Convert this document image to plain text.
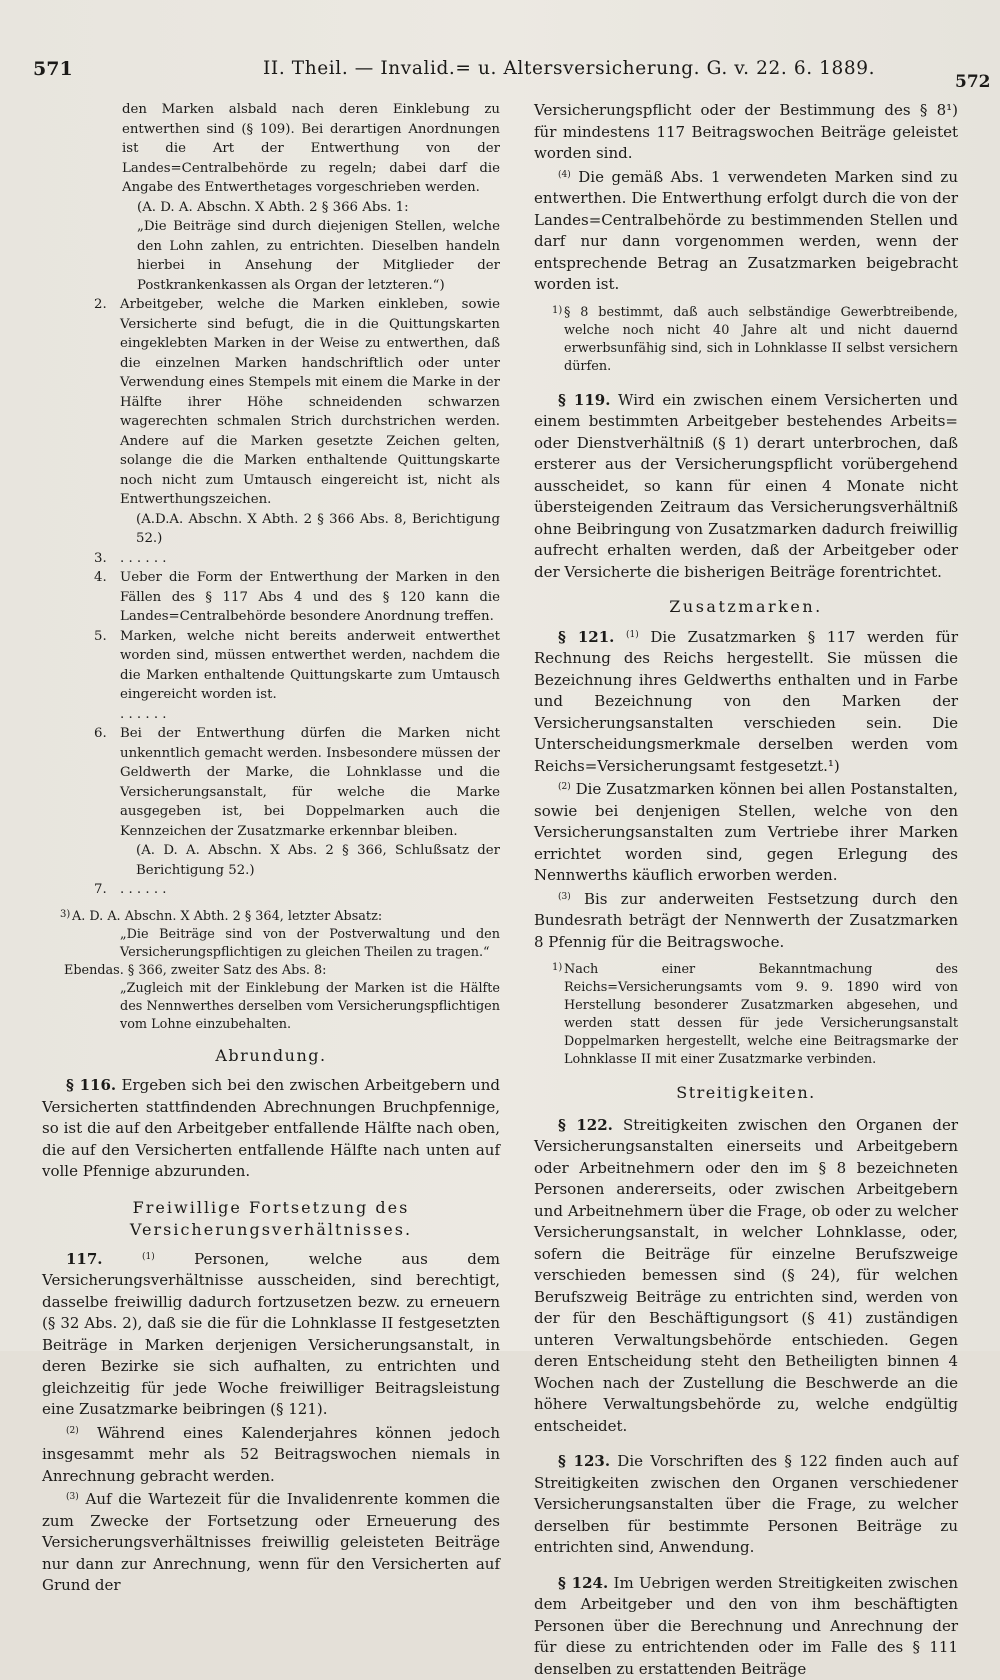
571	II. Theil. — Invalid.= u. Altersversicherung. G. v. 22. 6. 1889.
572

den Marken alsbald nach deren Einklebung zu entwerthen sind (§ 109). Bei derartigen Anordnungen ist die Art der Entwerthung von der Landes=Centralbehörde zu regeln; dabei darf die Angabe des Entwerthetages vorgeschrieben werden.

(A. D. A. Abschn. X Abth. 2 § 366 Abs. 1:

„Die Beiträge sind durch diejenigen Stellen, welche den Lohn zahlen, zu entrichten. Dieselben handeln hierbei in Ansehung der Mitglieder der Postkrankenkassen als Organ der letzteren.“)

2. Arbeitgeber, welche die Marken einkleben, sowie Versicherte sind befugt, die in die Quittungskarten eingeklebten Marken in der Weise zu entwerthen, daß die einzelnen Marken handschriftlich oder unter Verwendung eines Stempels mit einem die Marke in der Hälfte ihrer Höhe schneidenden schwarzen wagerechten schmalen Strich durchstrichen werden. Andere auf die Marken gesetzte Zeichen gelten, solange die die Marken enthaltende Quittungskarte noch nicht zum Umtausch eingereicht ist, nicht als Entwerthungszeichen.

(A.D.A. Abschn. X Abth. 2 § 366 Abs. 8, Berichtigung 52.)

3. . . . . . .

4. Ueber die Form der Entwerthung der Marken in den Fällen des § 117 Abs 4 und des § 120 kann die Landes=Centralbehörde besondere Anordnung treffen.

5. Marken, welche nicht bereits anderweit entwerthet worden sind, müssen entwerthet werden, nachdem die die Marken enthaltende Quittungskarte zum Umtausch eingereicht worden ist.

. . . . . .

6. Bei der Entwerthung dürfen die Marken nicht unkenntlich gemacht werden. Insbesondere müssen der Geldwerth der Marke, die Lohnklasse und die Versicherungsanstalt, für welche die Marke ausgegeben ist, bei Doppelmarken auch die Kennzeichen der Zusatzmarke erkennbar bleiben.

(A. D. A. Abschn. X Abs. 2 § 366, Schlußsatz der Berichtigung 52.)

7. . . . . . .

3) A. D. A. Abschn. X Abth. 2 § 364, letzter Absatz:

„Die Beiträge sind von der Postverwaltung und den Versicherungspflichtigen zu gleichen Theilen zu tragen.“

Ebendas. § 366, zweiter Satz des Abs. 8:

„Zugleich mit der Einklebung der Marken ist die Hälfte des Nennwerthes derselben vom Versicherungspflichtigen vom Lohne einzubehalten.

Abrundung.

§ 116. Ergeben sich bei den zwischen Arbeitgebern und Versicherten stattfindenden Abrechnungen Bruchpfennige, so ist die auf den Arbeitgeber entfallende Hälfte nach oben, die auf den Versicherten entfallende Hälfte nach unten auf volle Pfennige abzurunden.

Freiwillige Fortsetzung des Versicherungsverhältnisses.

117.	$^{(1)}$	Personen, welche aus dem Versicherungsverhältnisse ausscheiden, sind berechtigt, dasselbe freiwillig dadurch fortzusetzen bezw. zu erneuern (§ 32 Abs. 2), daß sie die für die Lohnklasse II festgesetzten Beiträge in Marken derjenigen Versicherungsanstalt, in deren Bezirke sie sich aufhalten, zu entrichten und gleichzeitig für jede Woche freiwilliger Beitragsleistung eine Zusatzmarke beibringen (§ 121).

$^{(2)}$ Während eines Kalenderjahres können jedoch insgesammt mehr als 52 Beitragswochen niemals in Anrechnung gebracht werden.

$^{(3)}$ Auf die Wartezeit für die Invalidenrente kommen die zum Zwecke der Fortsetzung oder Erneuerung des Versicherungsverhältnisses freiwillig geleisteten Beiträge nur dann zur Anrechnung, wenn für den Versicherten auf Grund der

Versicherungspflicht oder der Bestimmung des § 8¹) für mindestens 117 Beitragswochen Beiträge geleistet worden sind.

$^{(4)}$ Die gemäß Abs. 1 verwendeten Marken sind zu entwerthen. Die Entwerthung erfolgt durch die von der Landes=Centralbehörde zu bestimmenden Stellen und darf nur dann vorgenommen werden, wenn der entsprechende Betrag an Zusatzmarken beigebracht worden ist.

1) § 8 bestimmt, daß auch selbständige Gewerbtreibende, welche noch nicht 40 Jahre alt und nicht dauernd erwerbsunfähig sind, sich in Lohnklasse II selbst versichern dürfen.

§ 119. Wird ein zwischen einem Versicherten und einem bestimmten Arbeitgeber bestehendes Arbeits= oder Dienstverhältniß (§ 1) derart unterbrochen, daß ersterer aus der Versicherungspflicht vorübergehend ausscheidet, so kann für einen 4 Monate nicht übersteigenden Zeitraum das Versicherungsverhältniß ohne Beibringung von Zusatzmarken dadurch freiwillig aufrecht erhalten werden, daß der Arbeitgeber oder der Versicherte die bisherigen Beiträge forentrichtet.

Zusatzmarken.

§ 121. $^{(1)}$ Die Zusatzmarken § 117 werden für Rechnung des Reichs hergestellt. Sie müssen die Bezeichnung ihres Geldwerths enthalten und in Farbe und Bezeichnung von den Marken der Versicherungsanstalten verschieden sein. Die Unterscheidungsmerkmale derselben werden vom Reichs=Versicherungsamt festgesetzt.¹)

$^{(2)}$ Die Zusatzmarken können bei allen Postanstalten, sowie bei denjenigen Stellen, welche von den Versicherungsanstalten zum Vertriebe ihrer Marken errichtet worden sind, gegen Erlegung des Nennwerths käuflich erworben werden.

$^{(3)}$ Bis zur anderweiten Festsetzung durch den Bundesrath beträgt der Nennwerth der Zusatzmarken 8 Pfennig für die Beitragswoche.

1) Nach einer Bekanntmachung des Reichs=Versicherungsamts vom 9. 9. 1890 wird von Herstellung besonderer Zusatzmarken abgesehen, und werden statt dessen für jede Versicherungsanstalt Doppelmarken hergestellt, welche eine Beitragsmarke der Lohnklasse II mit einer Zusatzmarke verbinden.

Streitigkeiten.

§ 122. Streitigkeiten zwischen den Organen der Versicherungsanstalten einerseits und Arbeitgebern oder Arbeitnehmern oder den im § 8 bezeichneten Personen andererseits, oder zwischen Arbeitgebern und Arbeitnehmern über die Frage, ob oder zu welcher Versicherungsanstalt, in welcher Lohnklasse, oder, sofern die Beiträge für einzelne Berufszweige verschieden bemessen sind (§ 24), für welchen Berufszweig Beiträge zu entrichten sind, werden von der für den Beschäftigungsort (§ 41) zuständigen unteren Verwaltungsbehörde entschieden. Gegen deren Entscheidung steht den Betheiligten binnen 4 Wochen nach der Zustellung die Beschwerde an die höhere Verwaltungsbehörde zu, welche endgültig entscheidet.

§ 123. Die Vorschriften des § 122 finden auch auf Streitigkeiten zwischen den Organen verschiedener Versicherungsanstalten über die Frage, zu welcher derselben für bestimmte Personen Beiträge zu entrichten sind, Anwendung.

§ 124. Im Uebrigen werden Streitigkeiten zwischen dem Arbeitgeber und den von ihm beschäftigten Personen über die Berechnung und Anrechnung der für diese zu entrichtenden oder im Falle des § 111 denselben zu erstattenden Beiträge
